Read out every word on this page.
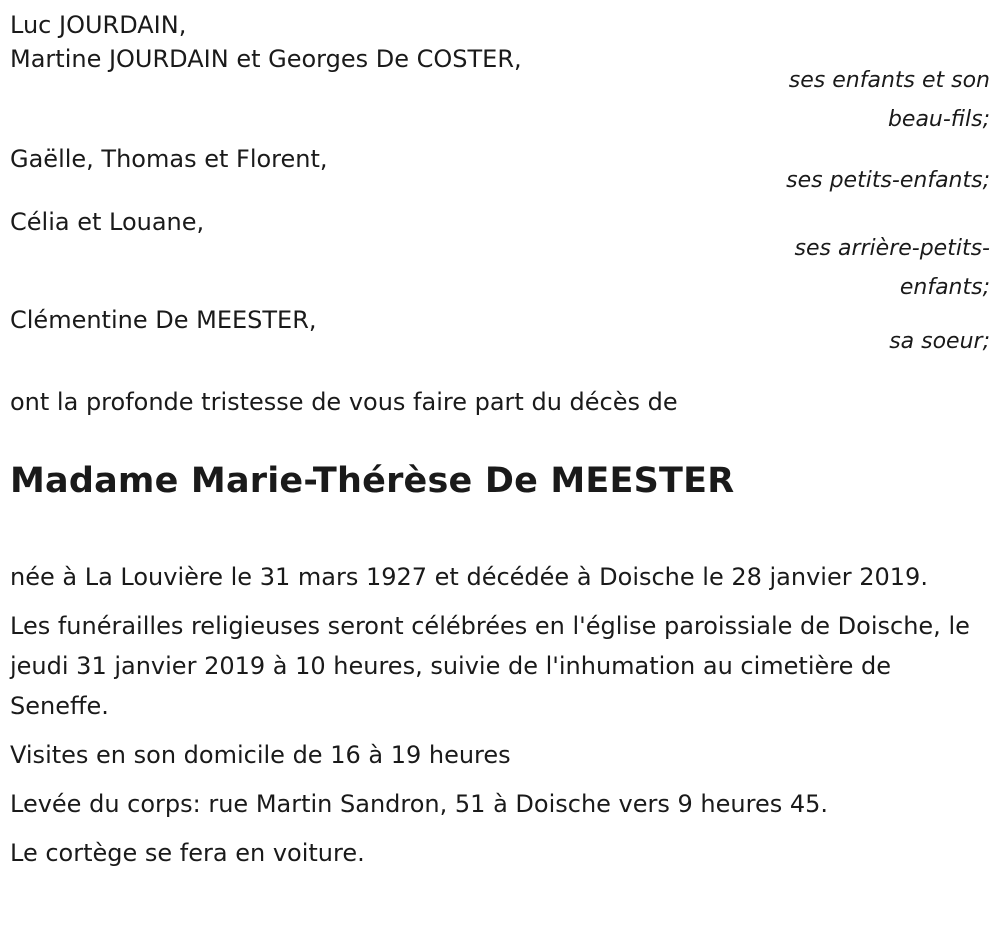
Luc JOURDAIN,
Martine JOURDAIN et Georges De COSTER,
ses enfants et son
beau-fils;
Gaëlle, Thomas et Florent,
ses petits-enfants;
Célia et Louane,
ses arrière-petits-
enfants;
Clémentine De MEESTER,
sa soeur;
ont la profonde tristesse de vous faire part du décès de
Madame Marie-Thérèse De MEESTER

née à La Louvière le 31 mars 1927 et décédée à Doische le 28 janvier 2019.

Les funérailles religieuses seront célébrées en l'église paroissiale de Doische, le jeudi 31 janvier 2019 à 10 heures, suivie de l'inhumation au cimetière de Seneffe.

Visites en son domicile de 16 à 19 heures

Levée du corps: rue Martin Sandron, 51 à Doische vers 9 heures 45.

Le cortège se fera en voiture.
